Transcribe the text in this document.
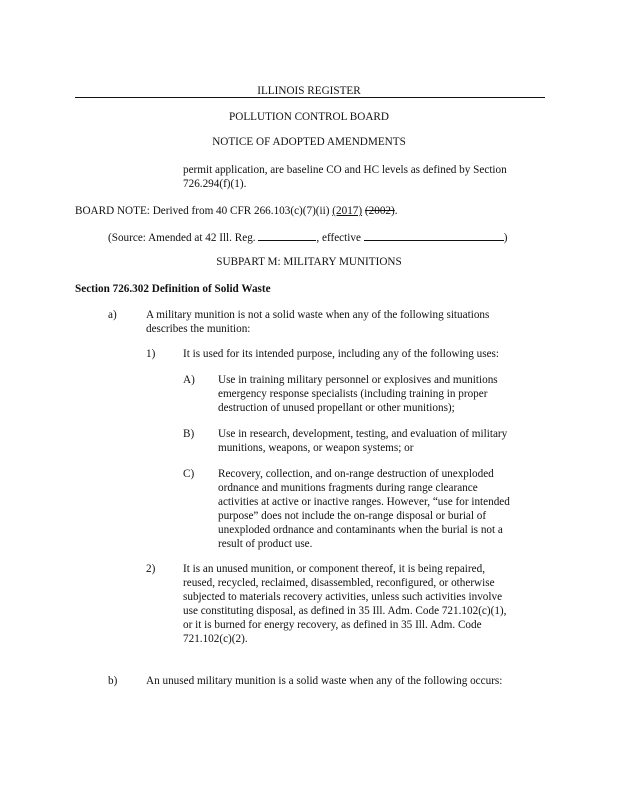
ILLINOIS REGISTER
POLLUTION CONTROL BOARD
NOTICE OF ADOPTED AMENDMENTS
permit application, are baseline CO and HC levels as defined by Section
726.294(f)(1).
BOARD NOTE: Derived from 40 CFR 266.103(c)(7)(ii) (2017) (2002).
(Source: Amended at 42 Ill. Reg.	, effective	)
SUBPART M: MILITARY MUNITIONS
Section 726.302 Definition of Solid Waste
a)	A military munition is not a solid waste when any of the following situations
describes the munition:
1) It is used for its intended purpose, including any of the following uses:
A) Use in training military personnel or explosives and munitions
emergency response specialists (including training in proper
destruction of unused propellant or other munitions);
B) Use in research, development, testing, and evaluation of military
munitions, weapons, or weapon systems; or
C) Recovery, collection, and on-range destruction of unexploded
ordnance and munitions fragments during range clearance
activities at active or inactive ranges. However, “use for intended
purpose” does not include the on-range disposal or burial of
unexploded ordnance and contaminants when the burial is not a
result of product use.
2) It is an unused munition, or component thereof, it is being repaired,
reused, recycled, reclaimed, disassembled, reconfigured, or otherwise
subjected to materials recovery activities, unless such activities involve
use constituting disposal, as defined in 35 Ill. Adm. Code 721.102(c)(1),
or it is burned for energy recovery, as defined in 35 Ill. Adm. Code
721.102(c)(2).
b)	An unused military munition is a solid waste when any of the following occurs:
